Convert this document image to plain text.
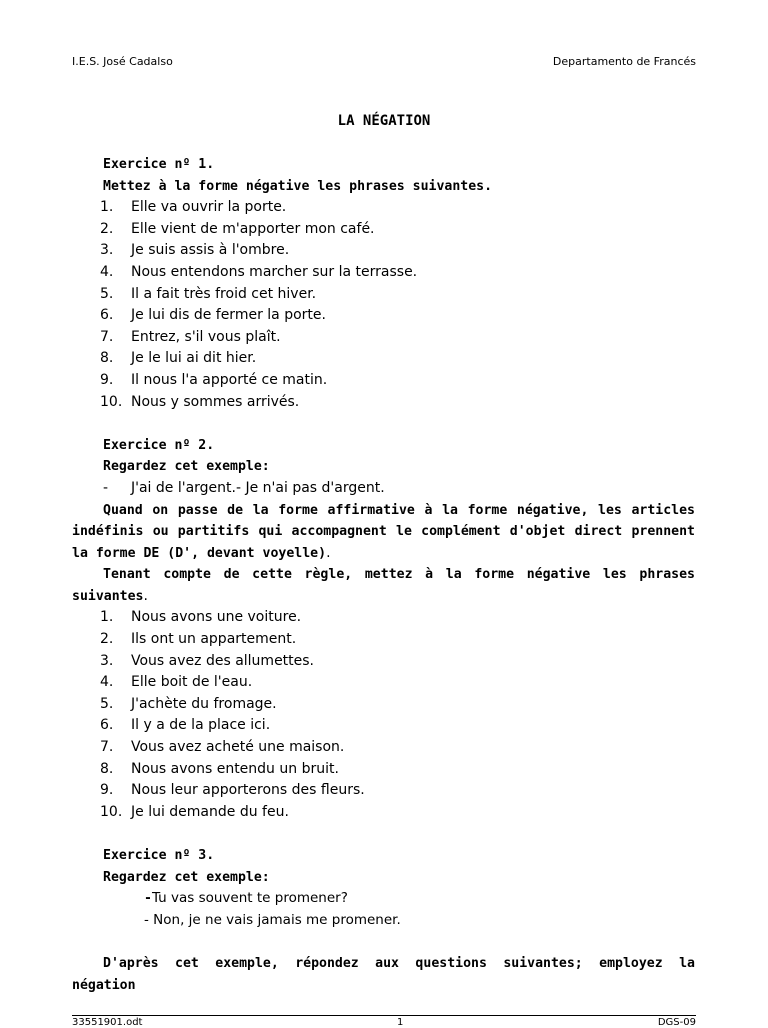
I.E.S. José Cadalso	Departamento de Francés
LA NÉGATION
Exercice nº 1.
Mettez à la forme négative les phrases suivantes.
1. Elle va ouvrir la porte.
2. Elle vient de m'apporter mon café.
3. Je suis assis à l'ombre.
4. Nous entendons marcher sur la terrasse.
5. Il a fait très froid cet hiver.
6. Je lui dis de fermer la porte.
7. Entrez, s'il vous plaît.
8. Je le lui ai dit hier.
9. Il nous l'a apporté ce matin.
10. Nous y sommes arrivés.
Exercice nº 2.
Regardez cet exemple:
- J'ai de l'argent.- Je n'ai pas d'argent.
Quand on passe de la forme affirmative à la forme négative, les articles indéfinis ou partitifs qui accompagnent le complément d'objet direct prennent la forme DE (D', devant voyelle).
Tenant compte de cette règle, mettez à la forme négative les phrases suivantes.
1. Nous avons une voiture.
2. Ils ont un appartement.
3. Vous avez des allumettes.
4. Elle boit de l'eau.
5. J'achète du fromage.
6. Il y a de la place ici.
7. Vous avez acheté une maison.
8. Nous avons entendu un bruit.
9. Nous leur apporterons des fleurs.
10. Je lui demande du feu.
Exercice nº 3.
Regardez cet exemple:
-Tu vas souvent te promener?
- Non, je ne vais jamais me promener.
D'après cet exemple, répondez aux questions suivantes; employez la négation
33551901.odt	1	DGS-09
